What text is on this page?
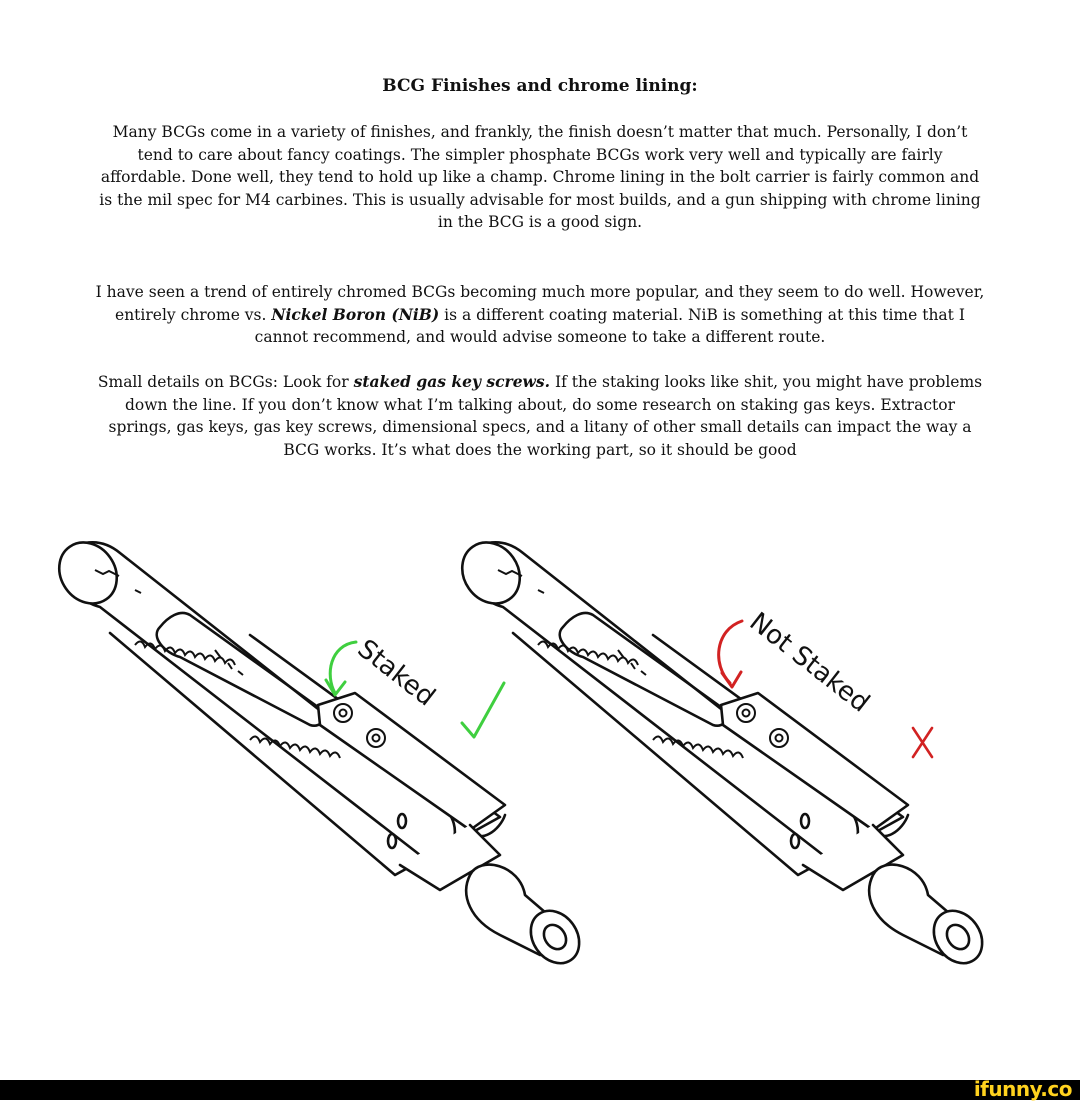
BCG Finishes and chrome lining:

Many BCGs come in a variety of finishes, and frankly, the finish doesn’t matter that much. Personally, I don’t tend to care about fancy coatings. The simpler phosphate BCGs work very well and typically are fairly affordable. Done well, they tend to hold up like a champ. Chrome lining in the bolt carrier is fairly common and is the mil spec for M4 carbines. This is usually advisable for most builds, and a gun shipping with chrome lining in the BCG is a good sign.

I have seen a trend of entirely chromed BCGs becoming much more popular, and they seem to do well. However, entirely chrome vs. Nickel Boron (NiB) is a different coating material. NiB is something at this time that I cannot recommend, and would advise someone to take a different route.

Small details on BCGs: Look for staked gas key screws. If the staking looks like shit, you might have problems down the line. If you don’t know what I’m talking about, do some research on staking gas keys. Extractor springs, gas keys, gas key screws, dimensional specs, and a litany of other small details can impact the way a BCG works. It’s what does the working part, so it should be good

Staked	Not Staked
ifunny.co
